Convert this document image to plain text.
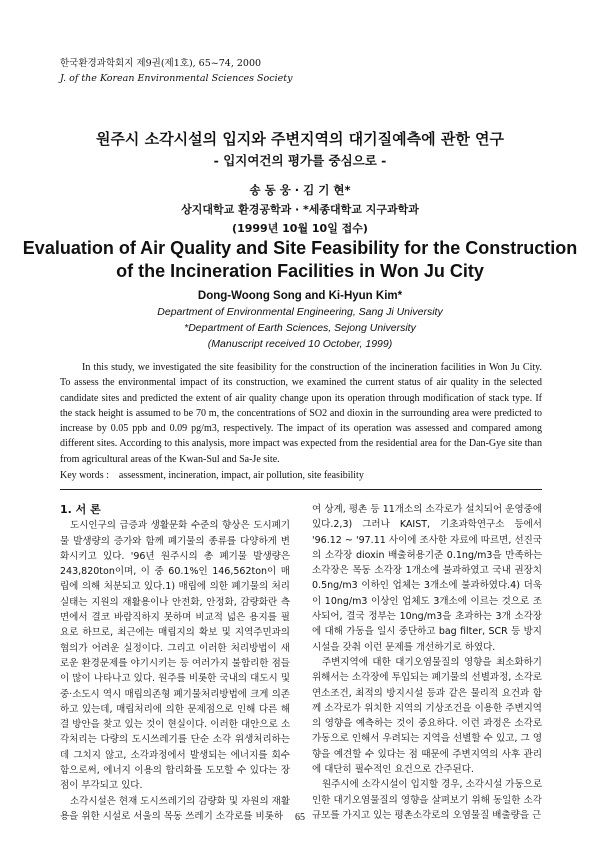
한국환경과학회지 제9권(제1호), 65~74, 2000
J. of the Korean Environmental Sciences Society
원주시 소각시설의 입지와 주변지역의 대기질예측에 관한 연구
- 입지여건의 평가를 중심으로 -
송 동 웅 · 김 기 현*
상지대학교 환경공학과 · *세종대학교 지구과학과
(1999년 10월 10일 접수)
Evaluation of Air Quality and Site Feasibility for the Construction
of the Incineration Facilities in Won Ju City
Dong-Woong Song and Ki-Hyun Kim*
Department of Environmental Engineering, Sang Ji University
*Department of Earth Sciences, Sejong University
(Manuscript received 10 October, 1999)
In this study, we investigated the site feasibility for the construction of the incineration facilities in Won Ju City. To assess the environmental impact of its construction, we examined the current status of air quality in the selected candidate sites and predicted the extent of air quality change upon its operation through modification of stack type. If the stack height is assumed to be 70 m, the concentrations of SO2 and dioxin in the surrounding area were predicted to increase by 0.05 ppb and 0.09 pg/m3, respectively. The impact of its operation was assessed and compared among different sites. According to this analysis, more impact was expected from the residential area for the Dan-Gye site than from agricultural areas of the Kwan-Sul and Sa-Je site.
Key words : assessment, incineration, impact, air pollution, site feasibility
1. 서 론

도시인구의 급증과 생활문화 수준의 향상은 도시폐기물 발생량의 증가와 함께 폐기물의 종류를 다양하게 변화시키고 있다. '96년 원주시의 총 폐기물 발생량은 243,820ton이며, 이 중 60.1%인 146,562ton이 매립에 의해 처분되고 있다.1) 매립에 의한 폐기물의 처리실태는 지원의 재활용이나 안전화, 안정화, 감량화란 측면에서 결코 바람직하지 못하며 비교적 넓은 용지를 필요로 하므로, 최근에는 매립지의 확보 및 지역주민과의 협의가 어려운 실정이다. 그리고 이러한 처리방법이 새로운 환경문제를 야기시키는 등 여러가지 불합리한 점들이 많이 나타나고 있다. 원주를 비롯한 국내의 대도시 및 중·소도시 역시 매립의존형 폐기물처리방법에 크게 의존하고 있는데, 매립처리에 의한 문제점으로 인해 다른 해결 방안을 찾고 있는 것이 현실이다. 이러한 대안으로 소각처리는 다량의 도시쓰레기를 단순 소각 위생처리하는데 그치지 않고, 소각과정에서 발생되는 에너지를 회수함으로써, 에너지 이용의 합리화를 도모할 수 있다는 장점이 부각되고 있다.

소각시설은 현재 도시쓰레기의 감량화 및 자원의 재활용을 위한 시설로 서울의 목동 쓰레기 소각로를 비롯하

여 상계, 평촌 등 11개소의 소각로가 설치되어 운영중에 있다.2,3) 그러나 KAIST, 기초과학연구소 등에서 '96.12 ~ '97.11 사이에 조사한 자료에 따르면, 선진국의 소각장 dioxin 배출허용기준 0.1ng/m3을 만족하는 소각장은 목동 소각장 1개소에 불과하였고 국내 권장치 0.5ng/m3 이하인 업체는 3개소에 불과하였다.4) 더욱이 10ng/m3 이상인 업체도 3개소에 이르는 것으로 조사되어, 결국 정부는 10ng/m3을 초과하는 3개 소각장에 대해 가동을 일시 중단하고 bag filter, SCR 등 방지시설을 갖춰 이런 문제를 개선하기로 하였다.

주변지역에 대한 대기오염물질의 영향을 최소화하기 위해서는 소각장에 투입되는 폐기물의 선별과정, 소각로 연소조건, 최적의 방지시설 등과 같은 물리적 요건과 함께 소각로가 위치한 지역의 기상조건을 이용한 주변지역의 영향을 예측하는 것이 중요하다. 이런 과정은 소각로 가동으로 인해서 우려되는 지역을 선별할 수 있고, 그 영향을 예견할 수 있다는 점 때문에 주변지역의 사후 관리에 대단히 필수적인 요건으로 간주된다.

원주시에 소각시설이 입지할 경우, 소각시설 가동으로 인한 대기오염물질의 영향을 살펴보기 위해 동일한 소각 규모를 가지고 있는 평촌소각로의 오염물질 배출량을 근

65
